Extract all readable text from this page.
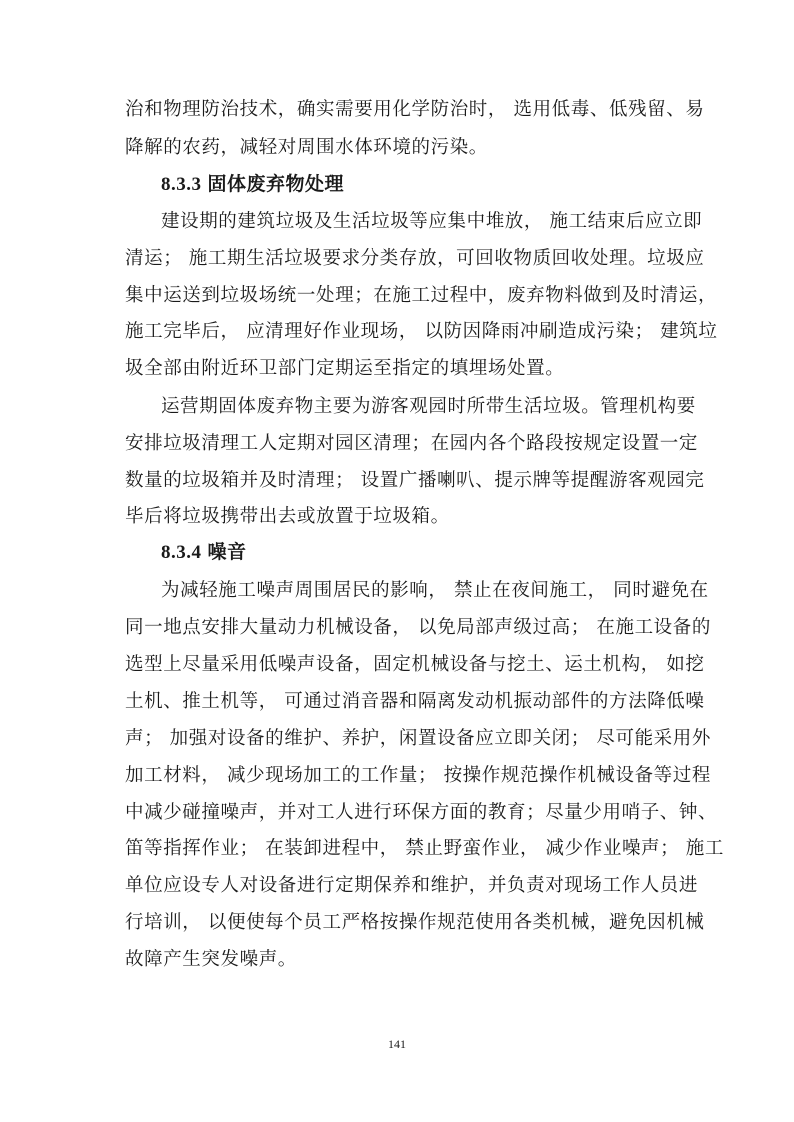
治和物理防治技术，确实需要用化学防治时， 选用低毒、低残留、易
降解的农药，减轻对周围水体环境的污染。
8.3.3 固体废弃物处理
建设期的建筑垃圾及生活垃圾等应集中堆放， 施工结束后应立即
清运； 施工期生活垃圾要求分类存放，可回收物质回收处理。垃圾应
集中运送到垃圾场统一处理；在施工过程中，废弃物料做到及时清运，
施工完毕后， 应清理好作业现场， 以防因降雨冲刷造成污染； 建筑垃
圾全部由附近环卫部门定期运至指定的填埋场处置。
运营期固体废弃物主要为游客观园时所带生活垃圾。管理机构要
安排垃圾清理工人定期对园区清理；在园内各个路段按规定设置一定
数量的垃圾箱并及时清理； 设置广播喇叭、提示牌等提醒游客观园完
毕后将垃圾携带出去或放置于垃圾箱。
8.3.4 噪音
为减轻施工噪声周围居民的影响， 禁止在夜间施工， 同时避免在
同一地点安排大量动力机械设备， 以免局部声级过高； 在施工设备的
选型上尽量采用低噪声设备，固定机械设备与挖土、运土机构， 如挖
土机、推土机等， 可通过消音器和隔离发动机振动部件的方法降低噪
声； 加强对设备的维护、养护，闲置设备应立即关闭； 尽可能采用外
加工材料， 减少现场加工的工作量； 按操作规范操作机械设备等过程
中减少碰撞噪声，并对工人进行环保方面的教育；尽量少用哨子、钟、
笛等指挥作业； 在装卸进程中， 禁止野蛮作业， 减少作业噪声； 施工
单位应设专人对设备进行定期保养和维护，并负责对现场工作人员进
行培训， 以便使每个员工严格按操作规范使用各类机械，避免因机械
故障产生突发噪声。
141
